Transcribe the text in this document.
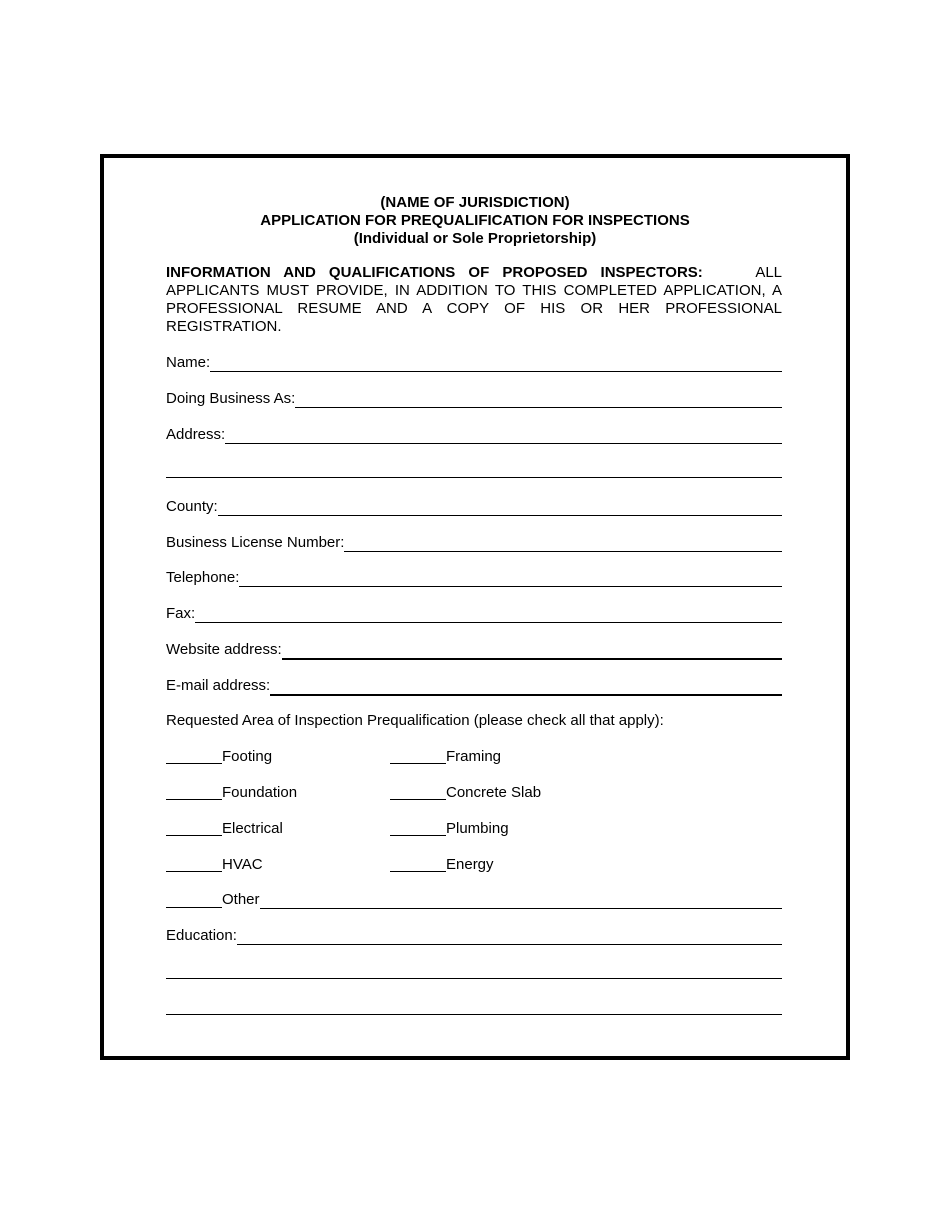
(NAME OF JURISDICTION)
APPLICATION FOR PREQUALIFICATION FOR INSPECTIONS
(Individual or Sole Proprietorship)
INFORMATION AND QUALIFICATIONS OF PROPOSED INSPECTORS:	ALL APPLICANTS MUST PROVIDE, IN ADDITION TO THIS COMPLETED APPLICATION, A PROFESSIONAL RESUME AND A COPY OF HIS OR HER PROFESSIONAL REGISTRATION.
Name:
Doing Business As:
Address:
County:
Business License Number:
Telephone:
Fax:
Website address:
E-mail address:
Requested Area of Inspection Prequalification (please check all that apply):
Footing	Framing
Foundation	Concrete Slab
Electrical	Plumbing
HVAC	Energy
Other
Education:
